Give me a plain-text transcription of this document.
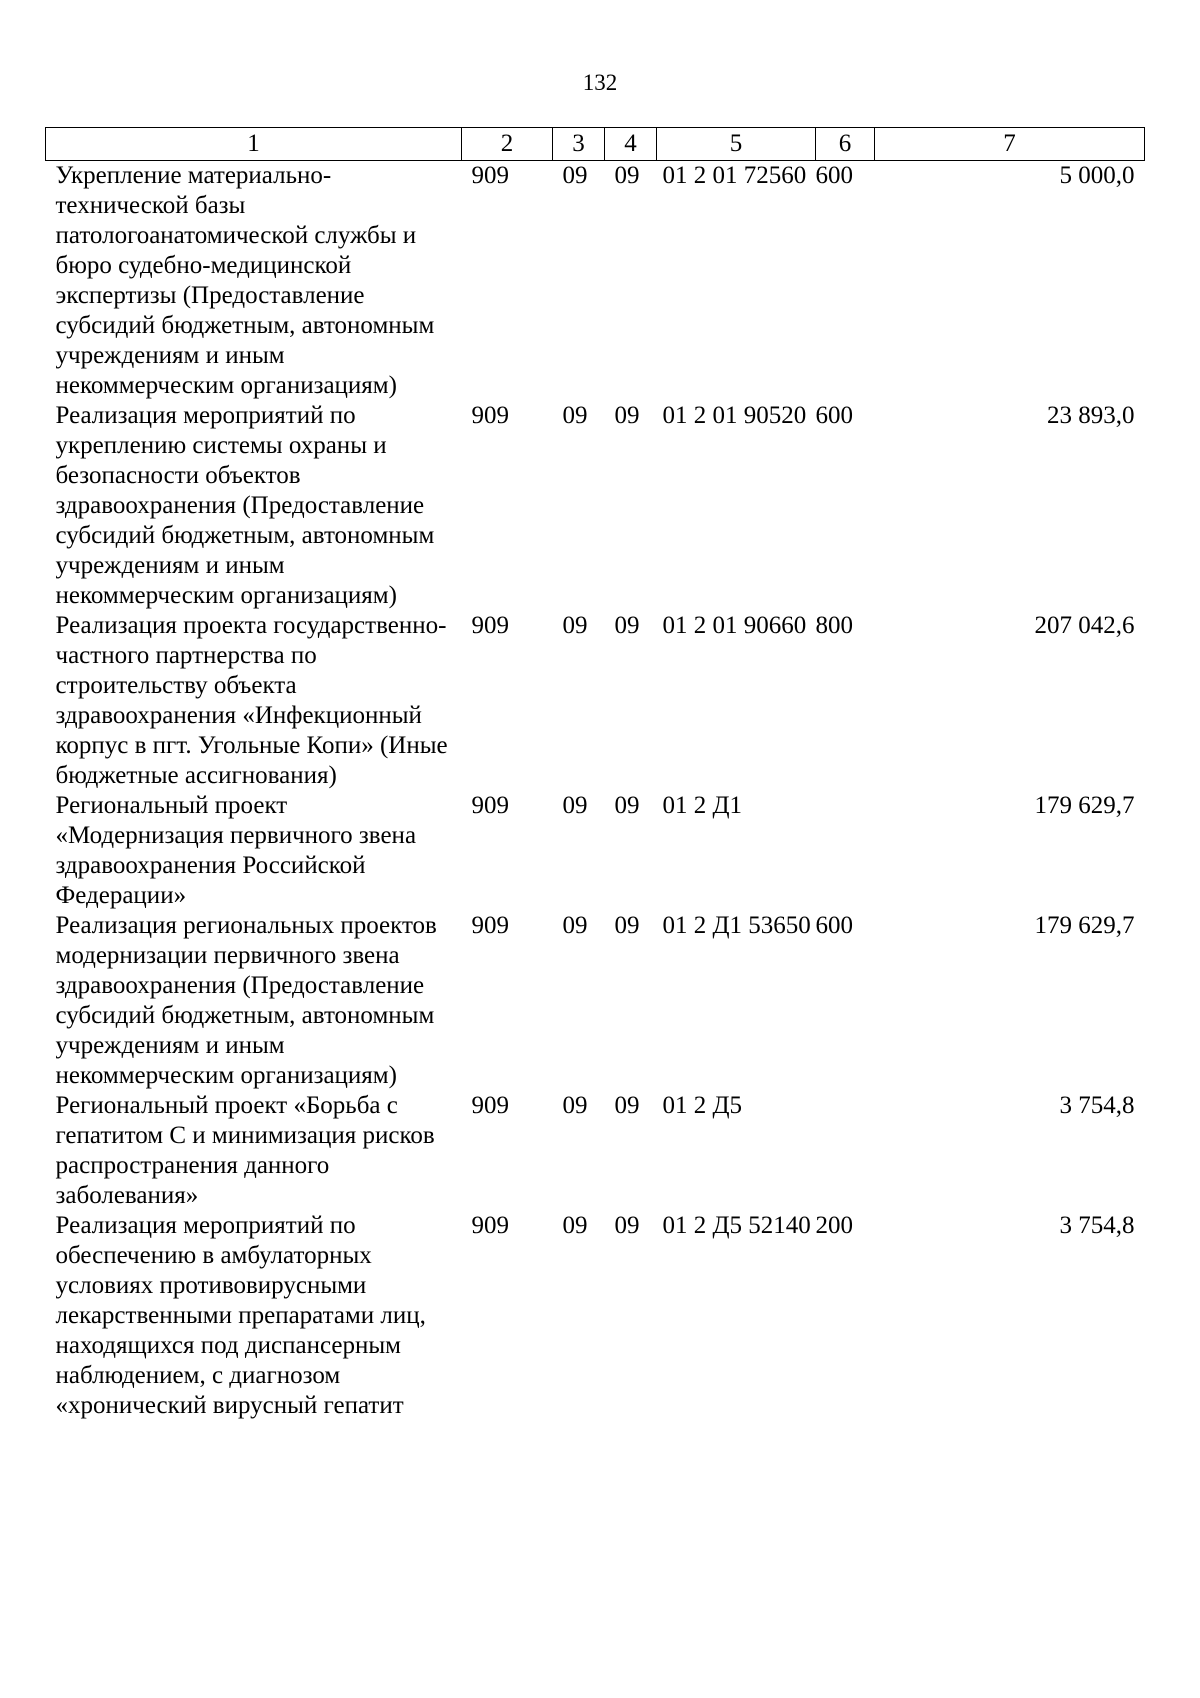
132
1	2	3	4	5	6	7
Укрепление материально-технической базы патологоанатомической службы и бюро судебно-медицинской экспертизы (Предоставление субсидий бюджетным, автономным учреждениям и иным некоммерческим организациям)	909	09	09	01 2 01 72560	600	5 000,0
Реализация мероприятий по укреплению системы охраны и безопасности объектов здравоохранения (Предоставление субсидий бюджетным, автономным учреждениям и иным некоммерческим организациям)	909	09	09	01 2 01 90520	600	23 893,0
Реализация проекта государственно-частного партнерства по строительству объекта здравоохранения «Инфекционный корпус в пгт. Угольные Копи» (Иные бюджетные ассигнования)	909	09	09	01 2 01 90660	800	207 042,6
Региональный проект «Модернизация первичного звена здравоохранения Российской Федерации»	909	09	09	01 2 Д1		179 629,7
Реализация региональных проектов модернизации первичного звена здравоохранения (Предоставление субсидий бюджетным, автономным учреждениям и иным некоммерческим организациям)	909	09	09	01 2 Д1 53650	600	179 629,7
Региональный проект «Борьба с гепатитом С и минимизация рисков распространения данного заболевания»	909	09	09	01 2 Д5		3 754,8
Реализация мероприятий по обеспечению в амбулаторных условиях противовирусными лекарственными препаратами лиц, находящихся под диспансерным наблюдением, с диагнозом «хронический вирусный гепатит	909	09	09	01 2 Д5 52140	200	3 754,8
